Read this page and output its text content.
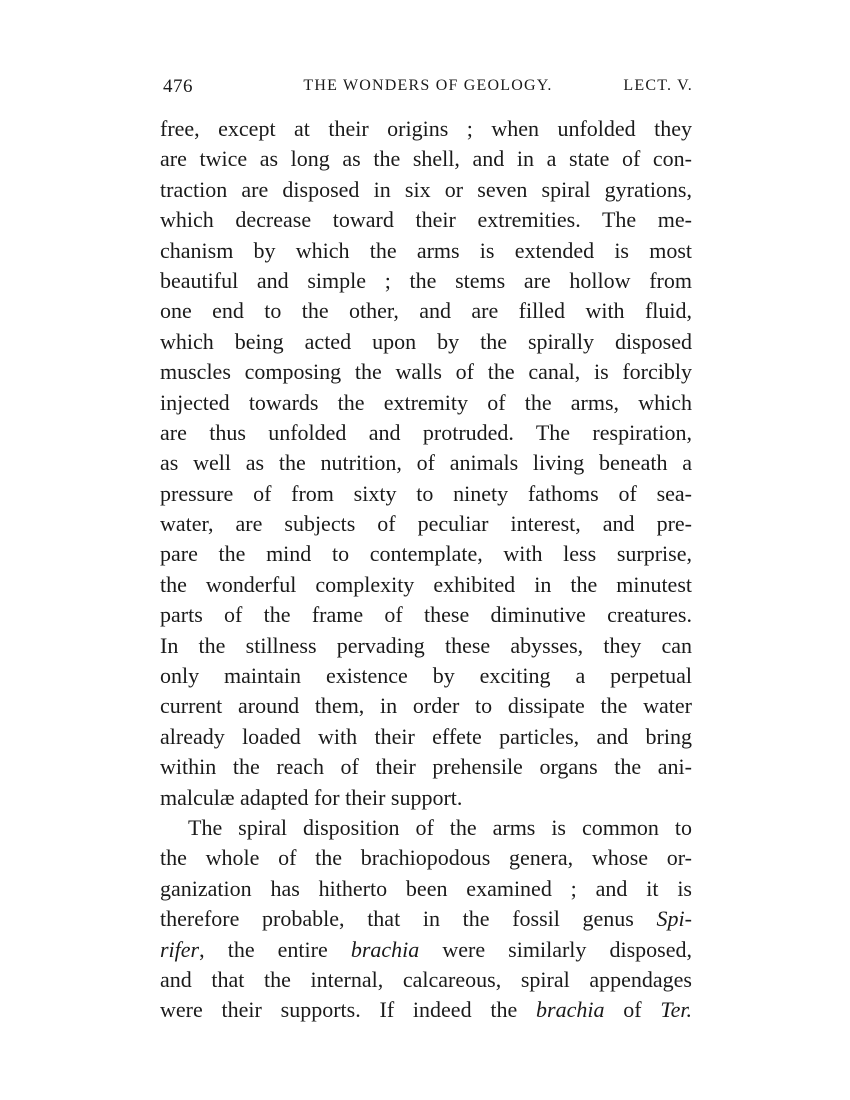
476	THE WONDERS OF GEOLOGY.	LECT. V.
free, except at their origins ; when unfolded they
are twice as long as the shell, and in a state of con-
traction are disposed in six or seven spiral gyrations,
which decrease toward their extremities. The me-
chanism by which the arms is extended is most
beautiful and simple ; the stems are hollow from
one end to the other, and are filled with fluid,
which being acted upon by the spirally disposed
muscles composing the walls of the canal, is forcibly
injected towards the extremity of the arms, which
are thus unfolded and protruded. The respiration,
as well as the nutrition, of animals living beneath a
pressure of from sixty to ninety fathoms of sea-
water, are subjects of peculiar interest, and pre-
pare the mind to contemplate, with less surprise,
the wonderful complexity exhibited in the minutest
parts of the frame of these diminutive creatures.
In the stillness pervading these abysses, they can
only maintain existence by exciting a perpetual
current around them, in order to dissipate the water
already loaded with their effete particles, and bring
within the reach of their prehensile organs the ani-
malculæ adapted for their support.
The spiral disposition of the arms is common to
the whole of the brachiopodous genera, whose or-
ganization has hitherto been examined ; and it is
therefore probable, that in the fossil genus Spi-
rifer, the entire brachia were similarly disposed,
and that the internal, calcareous, spiral appendages
were their supports. If indeed the brachia of Ter.
